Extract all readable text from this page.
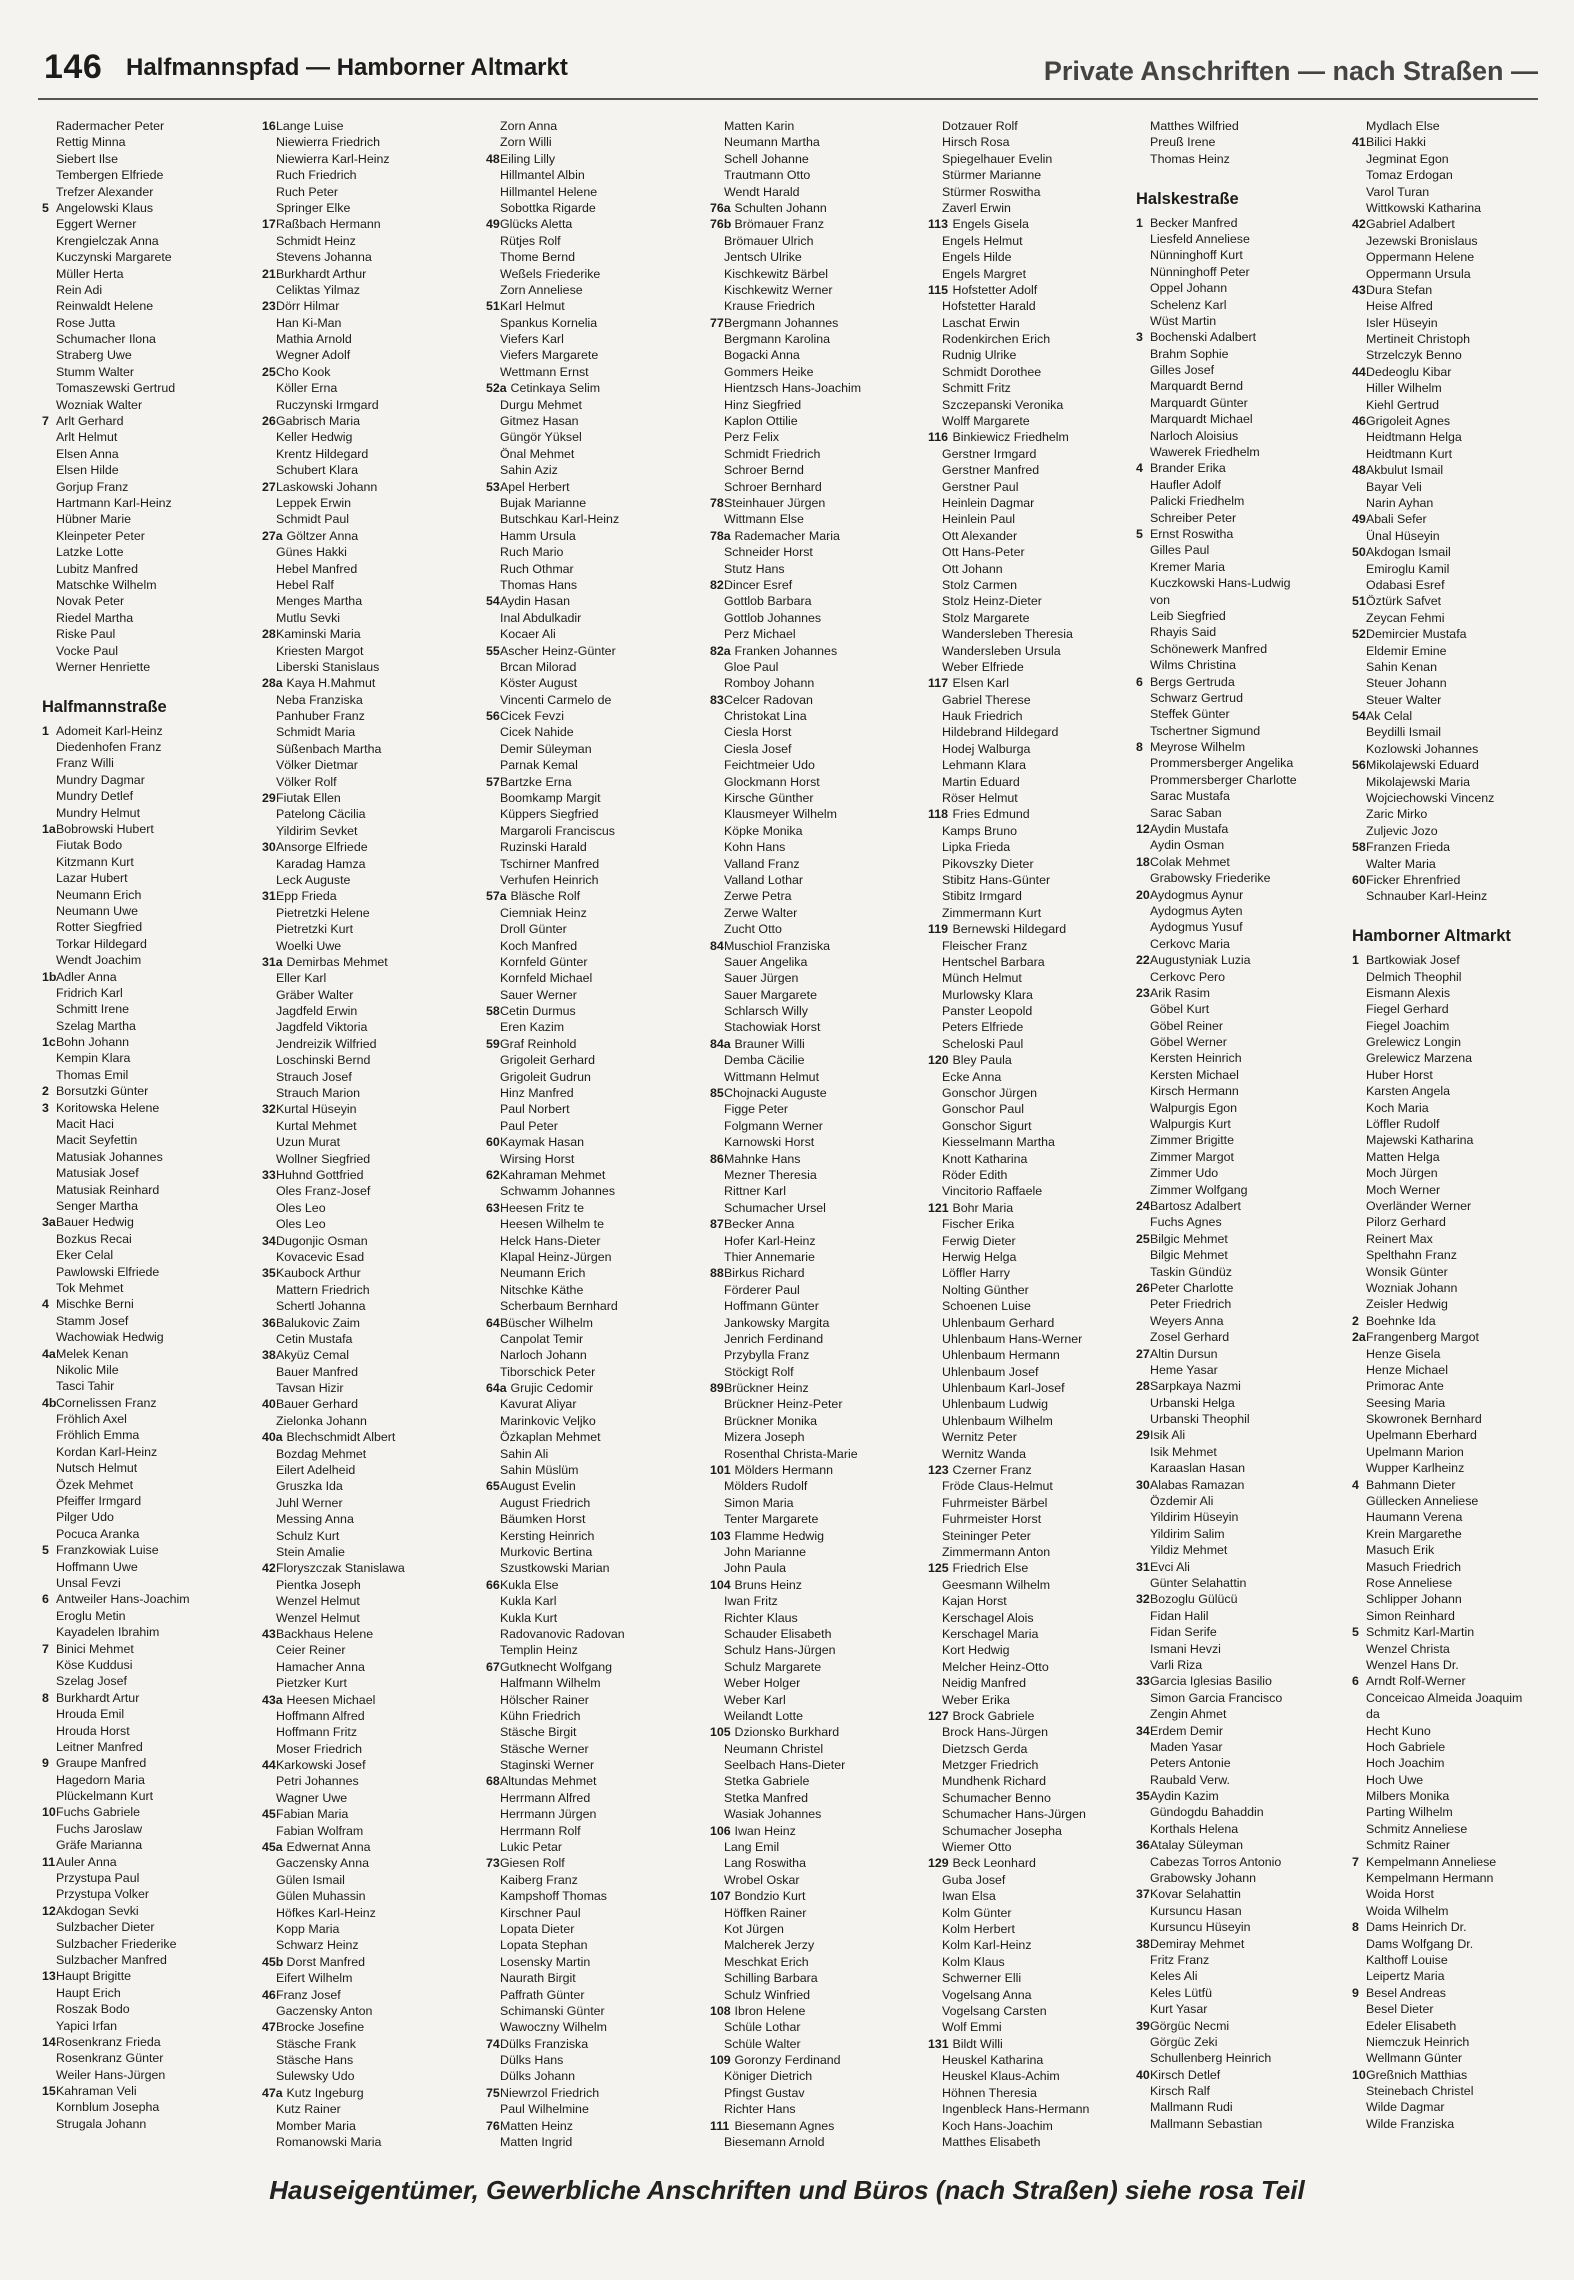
146 Halfmannspfad — Hamborner Altmarkt	Private Anschriften — nach Straßen —
Radermacher Peter
Rettig Minna
Siebert Ilse
Tembergen Elfriede
Trefzer Alexander
5 Angelowski Klaus
Eggert Werner
Krengielczak Anna
Kuczynski Margarete
Müller Herta
Rein Adi
Reinwaldt Helene
Rose Jutta
Schumacher Ilona
Straberg Uwe
Stumm Walter
Tomaszewski Gertrud
Wozniak Walter
7 Arlt Gerhard
Arlt Helmut
Elsen Anna
Elsen Hilde
Gorjup Franz
Hartmann Karl-Heinz
Hübner Marie
Kleinpeter Peter
Latzke Lotte
Lubitz Manfred
Matschke Wilhelm
Novak Peter
Riedel Martha
Riske Paul
Vocke Paul
Werner Henriette
Halfmannstraße
1 Adomeit Karl-Heinz
Diedenhofen Franz
Franz Willi
Mundry Dagmar
Mundry Detlef
Mundry Helmut
1a Bobrowski Hubert
Fiutak Bodo
Kitzmann Kurt
Lazar Hubert
Neumann Erich
Neumann Uwe
Rotter Siegfried
Torkar Hildegard
Wendt Joachim
1b Adler Anna
Fridrich Karl
Schmitt Irene
Szelag Martha
1c Bohn Johann
Kempin Klara
Thomas Emil
2 Borsutzki Günter
3 Koritowska Helene
Macit Haci
Macit Seyfettin
Matusiak Johannes
Matusiak Josef
Matusiak Reinhard
Senger Martha
3a Bauer Hedwig
Bozkus Recai
Eker Celal
Pawlowski Elfriede
Tok Mehmet
4 Mischke Berni
Stamm Josef
Wachowiak Hedwig
4a Melek Kenan
Nikolic Mile
Tasci Tahir
4b Cornelissen Franz
Fröhlich Axel
Fröhlich Emma
Kordan Karl-Heinz
Nutsch Helmut
Özek Mehmet
Pfeiffer Irmgard
Pilger Udo
Pocuca Aranka
5 Franzkowiak Luise
Hoffmann Uwe
Unsal Fevzi
6 Antweiler Hans-Joachim
Eroglu Metin
Kayadelen Ibrahim
7 Binici Mehmet
Köse Kuddusi
Szelag Josef
8 Burkhardt Artur
Hrouda Emil
Hrouda Horst
Leitner Manfred
9 Graupe Manfred
Hagedorn Maria
Plückelmann Kurt
10 Fuchs Gabriele
Fuchs Jaroslaw
Gräfe Marianna
11 Auler Anna
Przystupa Paul
Przystupa Volker
12 Akdogan Sevki
Sulzbacher Dieter
Sulzbacher Friederike
Sulzbacher Manfred
13 Haupt Brigitte
Haupt Erich
Roszak Bodo
Yapici Irfan
14 Rosenkranz Frieda
Rosenkranz Günter
Weiler Hans-Jürgen
15 Kahraman Veli
Kornblum Josepha
Strugala Johann
16 Lange Luise
Niewierra Friedrich
Niewierra Karl-Heinz
Ruch Friedrich
Ruch Peter
Springer Elke
17 Raßbach Hermann
Schmidt Heinz
Stevens Johanna
21 Burkhardt Arthur
Celiktas Yilmaz
23 Dörr Hilmar
Han Ki-Man
Mathia Arnold
Wegner Adolf
25 Cho Kook
Köller Erna
Ruczynski Irmgard
26 Gabrisch Maria
Keller Hedwig
Krentz Hildegard
Schubert Klara
27 Laskowski Johann
Leppek Erwin
Schmidt Paul
27a Göltzer Anna
Günes Hakki
Hebel Manfred
Hebel Ralf
Menges Martha
Mutlu Sevki
28 Kaminski Maria
Kriesten Margot
Liberski Stanislaus
28a Kaya H.Mahmut
Neba Franziska
Panhuber Franz
Schmidt Maria
Süßenbach Martha
Völker Dietmar
Völker Rolf
29 Fiutak Ellen
Patelong Cäcilia
Yildirim Sevket
30 Ansorge Elfriede
Karadag Hamza
Leck Auguste
31 Epp Frieda
Pietretzki Helene
Pietretzki Kurt
Woelki Uwe
31a Demirbas Mehmet
Eller Karl
Gräber Walter
Jagdfeld Erwin
Jagdfeld Viktoria
Jendreizik Wilfried
Loschinski Bernd
Strauch Josef
Strauch Marion
32 Kurtal Hüseyin
Kurtal Mehmet
Uzun Murat
Wollner Siegfried
33 Huhnd Gottfried
Oles Franz-Josef
Oles Leo
Oles Leo
34 Dugonjic Osman
Kovacevic Esad
35 Kaubock Arthur
Mattern Friedrich
Schertl Johanna
36 Balukovic Zaim
Cetin Mustafa
38 Akyüz Cemal
Bauer Manfred
Tavsan Hizir
40 Bauer Gerhard
Zielonka Johann
40a Blechschmidt Albert
Bozdag Mehmet
Eilert Adelheid
Gruszka Ida
Juhl Werner
Messing Anna
Schulz Kurt
Stein Amalie
42 Floryszczak Stanislawa
Pientka Joseph
Wenzel Helmut
Wenzel Helmut
43 Backhaus Helene
Ceier Reiner
Hamacher Anna
Pietzker Kurt
43a Heesen Michael
Hoffmann Alfred
Hoffmann Fritz
Moser Friedrich
44 Karkowski Josef
Petri Johannes
Wagner Uwe
45 Fabian Maria
Fabian Wolfram
45a Edwernat Anna
Gaczensky Anna
Gülen Ismail
Gülen Muhassin
Höfkes Karl-Heinz
Kopp Maria
Schwarz Heinz
45b Dorst Manfred
Eifert Wilhelm
46 Franz Josef
Gaczensky Anton
47 Brocke Josefine
Stäsche Frank
Stäsche Hans
Sulewsky Udo
47a Kutz Ingeburg
Kutz Rainer
Momber Maria
Romanowski Maria
Zorn Anna
Zorn Willi
48 Eiling Lilly
Hillmantel Albin
Hillmantel Helene
Sobottka Rigarde
49 Glücks Aletta
Rütjes Rolf
Thome Bernd
Weßels Friederike
Zorn Anneliese
51 Karl Helmut
Spankus Kornelia
Viefers Karl
Viefers Margarete
Wettmann Ernst
52a Cetinkaya Selim
Durgu Mehmet
Gitmez Hasan
Güngör Yüksel
Önal Mehmet
Sahin Aziz
53 Apel Herbert
Bujak Marianne
Butschkau Karl-Heinz
Hamm Ursula
Ruch Mario
Ruch Othmar
Thomas Hans
54 Aydin Hasan
Inal Abdulkadir
Kocaer Ali
55 Ascher Heinz-Günter
Brcan Milorad
Köster August
Vincenti Carmelo de
56 Cicek Fevzi
Cicek Nahide
Demir Süleyman
Parnak Kemal
57 Bartzke Erna
Boomkamp Margit
Küppers Siegfried
Margaroli Franciscus
Ruzinski Harald
Tschirner Manfred
Verhufen Heinrich
57a Bläsche Rolf
Ciemniak Heinz
Droll Günter
Koch Manfred
Kornfeld Günter
Kornfeld Michael
Sauer Werner
58 Cetin Durmus
Eren Kazim
59 Graf Reinhold
Grigoleit Gerhard
Grigoleit Gudrun
Hinz Manfred
Paul Norbert
Paul Peter
60 Kaymak Hasan
Wirsing Horst
62 Kahraman Mehmet
Schwamm Johannes
63 Heesen Fritz te
Heesen Wilhelm te
Helck Hans-Dieter
Klapal Heinz-Jürgen
Neumann Erich
Nitschke Käthe
Scherbaum Bernhard
64 Büscher Wilhelm
Canpolat Temir
Narloch Johann
Tiborschick Peter
64a Grujic Cedomir
Kavurat Aliyar
Marinkovic Veljko
Özkaplan Mehmet
Sahin Ali
Sahin Müslüm
65 August Evelin
August Friedrich
Bäumken Horst
Kersting Heinrich
Murkovic Bertina
Szustkowski Marian
66 Kukla Else
Kukla Karl
Kukla Kurt
Radovanovic Radovan
Templin Heinz
67 Gutknecht Wolfgang
Halfmann Wilhelm
Hölscher Rainer
Kühn Friedrich
Stäsche Birgit
Stäsche Werner
Staginski Werner
68 Altundas Mehmet
Herrmann Alfred
Herrmann Jürgen
Herrmann Rolf
Lukic Petar
73 Giesen Rolf
Kaiberg Franz
Kampshoff Thomas
Kirschner Paul
Lopata Dieter
Lopata Stephan
Losensky Martin
Naurath Birgit
Paffrath Günter
Schimanski Günter
Wawoczny Wilhelm
74 Dülks Franziska
Dülks Hans
Dülks Johann
75 Niewrzol Friedrich
Paul Wilhelmine
76 Matten Heinz
Matten Ingrid
Matten Karin
Neumann Martha
Schell Johanne
Trautmann Otto
Wendt Harald
76a Schulten Johann
76b Brömauer Franz
Brömauer Ulrich
Jentsch Ulrike
Kischkewitz Bärbel
Kischkewitz Werner
Krause Friedrich
77 Bergmann Johannes
Bergmann Karolina
Bogacki Anna
Gommers Heike
Hientzsch Hans-Joachim
Hinz Siegfried
Kaplon Ottilie
Perz Felix
Schmidt Friedrich
Schroer Bernd
Schroer Bernhard
78 Steinhauer Jürgen
Wittmann Else
78a Rademacher Maria
Schneider Horst
Stutz Hans
82 Dincer Esref
Gottlob Barbara
Gottlob Johannes
Perz Michael
82a Franken Johannes
Gloe Paul
Romboy Johann
83 Celcer Radovan
Christokat Lina
Ciesla Horst
Ciesla Josef
Feichtmeier Udo
Glockmann Horst
Kirsche Günther
Klausmeyer Wilhelm
Köpke Monika
Kohn Hans
Valland Franz
Valland Lothar
Zerwe Petra
Zerwe Walter
Zucht Otto
84 Muschiol Franziska
Sauer Angelika
Sauer Jürgen
Sauer Margarete
Schlarsch Willy
Stachowiak Horst
84a Brauner Willi
Demba Cäcilie
Wittmann Helmut
85 Chojnacki Auguste
Figge Peter
Folgmann Werner
Karnowski Horst
86 Mahnke Hans
Mezner Theresia
Rittner Karl
Schumacher Ursel
87 Becker Anna
Hofer Karl-Heinz
Thier Annemarie
88 Birkus Richard
Förderer Paul
Hoffmann Günter
Jankowsky Margita
Jenrich Ferdinand
Przybylla Franz
Stöckigt Rolf
89 Brückner Heinz
Brückner Heinz-Peter
Brückner Monika
Mizera Joseph
Rosenthal Christa-Marie
101 Mölders Hermann
Mölders Rudolf
Simon Maria
Tenter Margarete
103 Flamme Hedwig
John Marianne
John Paula
104 Bruns Heinz
Iwan Fritz
Richter Klaus
Schauder Elisabeth
Schulz Hans-Jürgen
Schulz Margarete
Weber Holger
Weber Karl
Weilandt Lotte
105 Dzionsko Burkhard
Neumann Christel
Seelbach Hans-Dieter
Stetka Gabriele
Stetka Manfred
Wasiak Johannes
106 Iwan Heinz
Lang Emil
Lang Roswitha
Wrobel Oskar
107 Bondzio Kurt
Höffken Rainer
Kot Jürgen
Malcherek Jerzy
Meschkat Erich
Schilling Barbara
Schulz Winfried
108 Ibron Helene
Schüle Lothar
Schüle Walter
109 Goronzy Ferdinand
Königer Dietrich
Pfingst Gustav
Richter Hans
111 Biesemann Agnes
Biesemann Arnold
Dotzauer Rolf
Hirsch Rosa
Spiegelhauer Evelin
Stürmer Marianne
Stürmer Roswitha
Zaverl Erwin
113 Engels Gisela
Engels Helmut
Engels Hilde
Engels Margret
115 Hofstetter Adolf
Hofstetter Harald
Laschat Erwin
Rodenkirchen Erich
Rudnig Ulrike
Schmidt Dorothee
Schmitt Fritz
Szczepanski Veronika
Wolff Margarete
116 Binkiewicz Friedhelm
Gerstner Irmgard
Gerstner Manfred
Gerstner Paul
Heinlein Dagmar
Heinlein Paul
Ott Alexander
Ott Hans-Peter
Ott Johann
Stolz Carmen
Stolz Heinz-Dieter
Stolz Margarete
Wandersleben Theresia
Wandersleben Ursula
Weber Elfriede
117 Elsen Karl
Gabriel Therese
Hauk Friedrich
Hildebrand Hildegard
Hodej Walburga
Lehmann Klara
Martin Eduard
Röser Helmut
118 Fries Edmund
Kamps Bruno
Lipka Frieda
Pikovszky Dieter
Stibitz Hans-Günter
Stibitz Irmgard
Zimmermann Kurt
119 Bernewski Hildegard
Fleischer Franz
Hentschel Barbara
Münch Helmut
Murlowsky Klara
Panster Leopold
Peters Elfriede
Scheloski Paul
120 Bley Paula
Ecke Anna
Gonschor Jürgen
Gonschor Paul
Gonschor Sigurt
Kiesselmann Martha
Knott Katharina
Röder Edith
Vincitorio Raffaele
121 Bohr Maria
Fischer Erika
Ferwig Dieter
Herwig Helga
Löffler Harry
Nolting Günther
Schoenen Luise
Uhlenbaum Gerhard
Uhlenbaum Hans-Werner
Uhlenbaum Hermann
Uhlenbaum Josef
Uhlenbaum Karl-Josef
Uhlenbaum Ludwig
Uhlenbaum Wilhelm
Wernitz Peter
Wernitz Wanda
123 Czerner Franz
Fröde Claus-Helmut
Fuhrmeister Bärbel
Fuhrmeister Horst
Steininger Peter
Zimmermann Anton
125 Friedrich Else
Geesmann Wilhelm
Kajan Horst
Kerschagel Alois
Kerschagel Maria
Kort Hedwig
Melcher Heinz-Otto
Neidig Manfred
Weber Erika
127 Brock Gabriele
Brock Hans-Jürgen
Dietzsch Gerda
Metzger Friedrich
Mundhenk Richard
Schumacher Benno
Schumacher Hans-Jürgen
Schumacher Josepha
Wiemer Otto
129 Beck Leonhard
Guba Josef
Iwan Elsa
Kolm Günter
Kolm Herbert
Kolm Karl-Heinz
Kolm Klaus
Schwerner Elli
Vogelsang Anna
Vogelsang Carsten
Wolf Emmi
131 Bildt Willi
Heuskel Katharina
Heuskel Klaus-Achim
Höhnen Theresia
Ingenbleck Hans-Hermann
Koch Hans-Joachim
Matthes Elisabeth
Matthes Wilfried
Preuß Irene
Thomas Heinz
Halskestraße
1 Becker Manfred
Liesfeld Anneliese
Nünninghoff Kurt
Nünninghoff Peter
Oppel Johann
Schelenz Karl
Wüst Martin
3 Bochenski Adalbert
Brahm Sophie
Gilles Josef
Marquardt Bernd
Marquardt Günter
Marquardt Michael
Narloch Aloisius
Wawerek Friedhelm
4 Brander Erika
Haufler Adolf
Palicki Friedhelm
Schreiber Peter
5 Ernst Roswitha
Gilles Paul
Kremer Maria
Kuczkowski Hans-Ludwig
von
Leib Siegfried
Rhayis Said
Schönewerk Manfred
Wilms Christina
6 Bergs Gertruda
Schwarz Gertrud
Steffek Günter
Tschertner Sigmund
8 Meyrose Wilhelm
Prommersberger Angelika
Prommersberger Charlotte
Sarac Mustafa
Sarac Saban
12 Aydin Mustafa
Aydin Osman
18 Colak Mehmet
Grabowsky Friederike
20 Aydogmus Aynur
Aydogmus Ayten
Aydogmus Yusuf
Cerkovc Maria
22 Augustyniak Luzia
Cerkovc Pero
23 Arik Rasim
Göbel Kurt
Göbel Reiner
Göbel Werner
Kersten Heinrich
Kersten Michael
Kirsch Hermann
Walpurgis Egon
Walpurgis Kurt
Zimmer Brigitte
Zimmer Margot
Zimmer Udo
Zimmer Wolfgang
24 Bartosz Adalbert
Fuchs Agnes
25 Bilgic Mehmet
Bilgic Mehmet
Taskin Gündüz
26 Peter Charlotte
Peter Friedrich
Weyers Anna
Zosel Gerhard
27 Altin Dursun
Heme Yasar
28 Sarpkaya Nazmi
Urbanski Helga
Urbanski Theophil
29 Isik Ali
Isik Mehmet
Karaaslan Hasan
30 Alabas Ramazan
Özdemir Ali
Yildirim Hüseyin
Yildirim Salim
Yildiz Mehmet
31 Evci Ali
Günter Selahattin
32 Bozoglu Gülücü
Fidan Halil
Fidan Serife
Ismani Hevzi
Varli Riza
33 Garcia Iglesias Basilio
Simon Garcia Francisco
Zengin Ahmet
34 Erdem Demir
Maden Yasar
Peters Antonie
Raubald Verw.
35 Aydin Kazim
Gündogdu Bahaddin
Korthals Helena
36 Atalay Süleyman
Cabezas Torros Antonio
Grabowsky Johann
37 Kovar Selahattin
Kursuncu Hasan
Kursuncu Hüseyin
38 Demiray Mehmet
Fritz Franz
Keles Ali
Keles Lütfü
Kurt Yasar
39 Görgüc Necmi
Görgüc Zeki
Schullenberg Heinrich
40 Kirsch Detlef
Kirsch Ralf
Mallmann Rudi
Mallmann Sebastian
Mydlach Else
41 Bilici Hakki
Jegminat Egon
Tomaz Erdogan
Varol Turan
Wittkowski Katharina
42 Gabriel Adalbert
Jezewski Bronislaus
Oppermann Helene
Oppermann Ursula
43 Dura Stefan
Heise Alfred
Isler Hüseyin
Mertineit Christoph
Strzelczyk Benno
44 Dedeoglu Kibar
Hiller Wilhelm
Kiehl Gertrud
46 Grigoleit Agnes
Heidtmann Helga
Heidtmann Kurt
48 Akbulut Ismail
Bayar Veli
Narin Ayhan
49 Abali Sefer
Ünal Hüseyin
50 Akdogan Ismail
Emiroglu Kamil
Odabasi Esref
51 Öztürk Safvet
Zeycan Fehmi
52 Demircier Mustafa
Eldemir Emine
Sahin Kenan
Steuer Johann
Steuer Walter
54 Ak Celal
Beydilli Ismail
Kozlowski Johannes
56 Mikolajewski Eduard
Mikolajewski Maria
Wojciechowski Vincenz
Zaric Mirko
Zuljevic Jozo
58 Franzen Frieda
Walter Maria
60 Ficker Ehrenfried
Schnauber Karl-Heinz
Hamborner Altmarkt
1 Bartkowiak Josef
Delmich Theophil
Eismann Alexis
Fiegel Gerhard
Fiegel Joachim
Grelewicz Longin
Grelewicz Marzena
Huber Horst
Karsten Angela
Koch Maria
Löffler Rudolf
Majewski Katharina
Matten Helga
Moch Jürgen
Moch Werner
Overländer Werner
Pilorz Gerhard
Reinert Max
Spelthahn Franz
Wonsik Günter
Wozniak Johann
Zeisler Hedwig
2 Boehnke Ida
2a Frangenberg Margot
Henze Gisela
Henze Michael
Primorac Ante
Seesing Maria
Skowronek Bernhard
Upelmann Eberhard
Upelmann Marion
Wupper Karlheinz
4 Bahmann Dieter
Güllecken Anneliese
Haumann Verena
Krein Margarethe
Masuch Erik
Masuch Friedrich
Rose Anneliese
Schlipper Johann
Simon Reinhard
5 Schmitz Karl-Martin
Wenzel Christa
Wenzel Hans Dr.
6 Arndt Rolf-Werner
Conceicao Almeida Joaquim
da
Hecht Kuno
Hoch Gabriele
Hoch Joachim
Hoch Uwe
Milbers Monika
Parting Wilhelm
Schmitz Anneliese
Schmitz Rainer
7 Kempelmann Anneliese
Kempelmann Hermann
Woida Horst
Woida Wilhelm
8 Dams Heinrich Dr.
Dams Wolfgang Dr.
Kalthoff Louise
Leipertz Maria
9 Besel Andreas
Besel Dieter
Edeler Elisabeth
Niemczuk Heinrich
Wellmann Günter
10 Greßnich Matthias
Steinebach Christel
Wilde Dagmar
Wilde Franziska
Hauseigentümer, Gewerbliche Anschriften und Büros (nach Straßen) siehe rosa Teil
